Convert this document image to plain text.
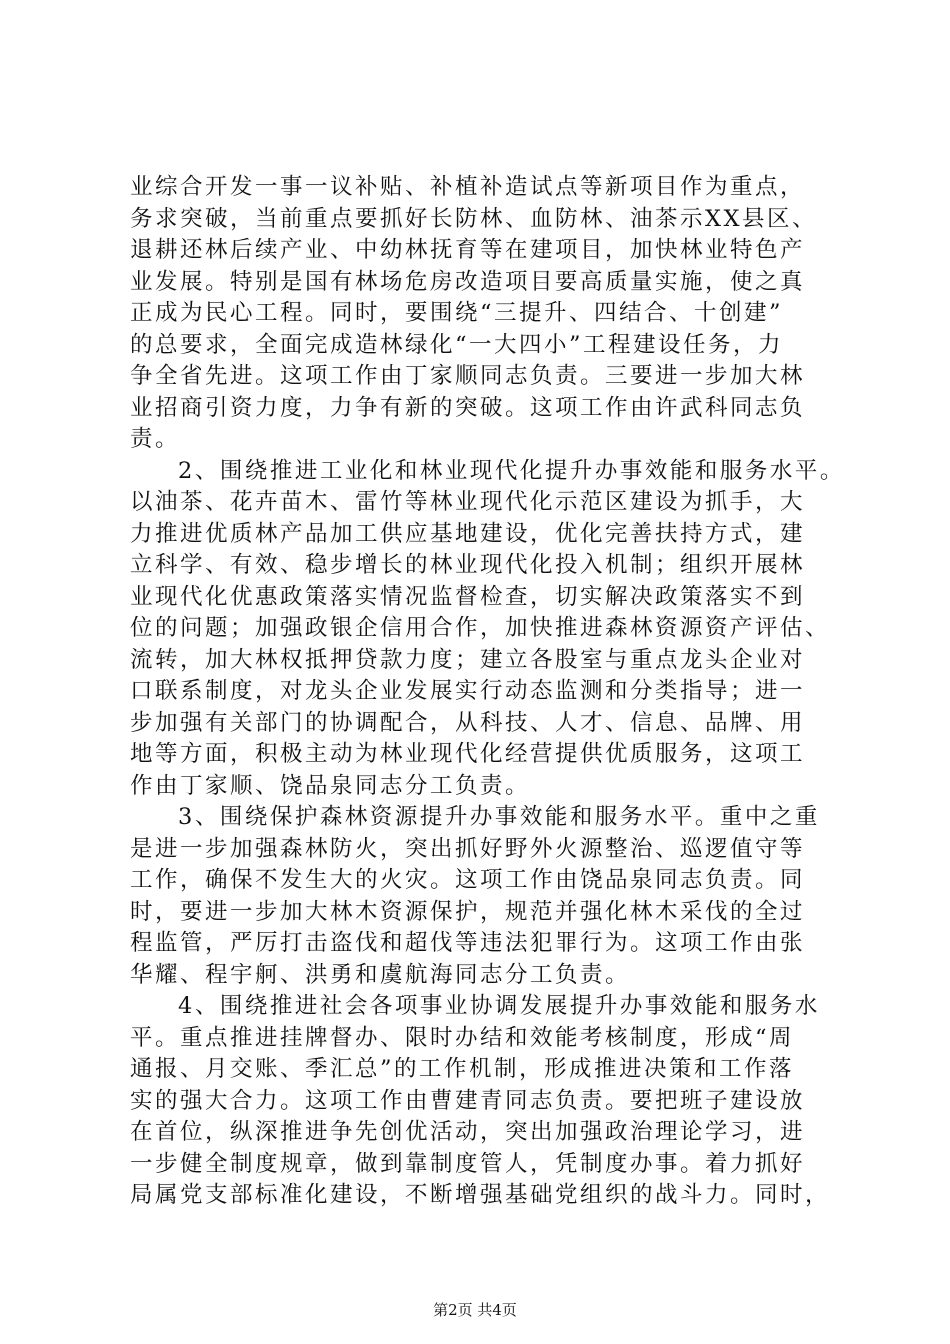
业综合开发一事一议补贴、补植补造试点等新项目作为重点，
务求突破，当前重点要抓好长防林、血防林、油茶示XX县区、
退耕还林后续产业、中幼林抚育等在建项目，加快林业特色产
业发展。特别是国有林场危房改造项目要高质量实施，使之真
正成为民心工程。同时，要围绕“三提升、四结合、十创建”
的总要求，全面完成造林绿化“一大四小”工程建设任务，力
争全省先进。这项工作由丁家顺同志负责。三要进一步加大林
业招商引资力度，力争有新的突破。这项工作由许武科同志负
责。
2、围绕推进工业化和林业现代化提升办事效能和服务水平。
以油茶、花卉苗木、雷竹等林业现代化示范区建设为抓手，大
力推进优质林产品加工供应基地建设，优化完善扶持方式，建
立科学、有效、稳步增长的林业现代化投入机制；组织开展林
业现代化优惠政策落实情况监督检查，切实解决政策落实不到
位的问题；加强政银企信用合作，加快推进森林资源资产评估、
流转，加大林权抵押贷款力度；建立各股室与重点龙头企业对
口联系制度，对龙头企业发展实行动态监测和分类指导；进一
步加强有关部门的协调配合，从科技、人才、信息、品牌、用
地等方面，积极主动为林业现代化经营提供优质服务，这项工
作由丁家顺、饶品泉同志分工负责。
3、围绕保护森林资源提升办事效能和服务水平。重中之重
是进一步加强森林防火，突出抓好野外火源整治、巡逻值守等
工作，确保不发生大的火灾。这项工作由饶品泉同志负责。同
时，要进一步加大林木资源保护，规范并强化林木采伐的全过
程监管，严厉打击盗伐和超伐等违法犯罪行为。这项工作由张
华耀、程宇舸、洪勇和虞航海同志分工负责。
4、围绕推进社会各项事业协调发展提升办事效能和服务水
平。重点推进挂牌督办、限时办结和效能考核制度，形成“周
通报、月交账、季汇总”的工作机制，形成推进决策和工作落
实的强大合力。这项工作由曹建青同志负责。要把班子建设放
在首位，纵深推进争先创优活动，突出加强政治理论学习，进
一步健全制度规章，做到靠制度管人，凭制度办事。着力抓好
局属党支部标准化建设，不断增强基础党组织的战斗力。同时，
第2页 共4页
